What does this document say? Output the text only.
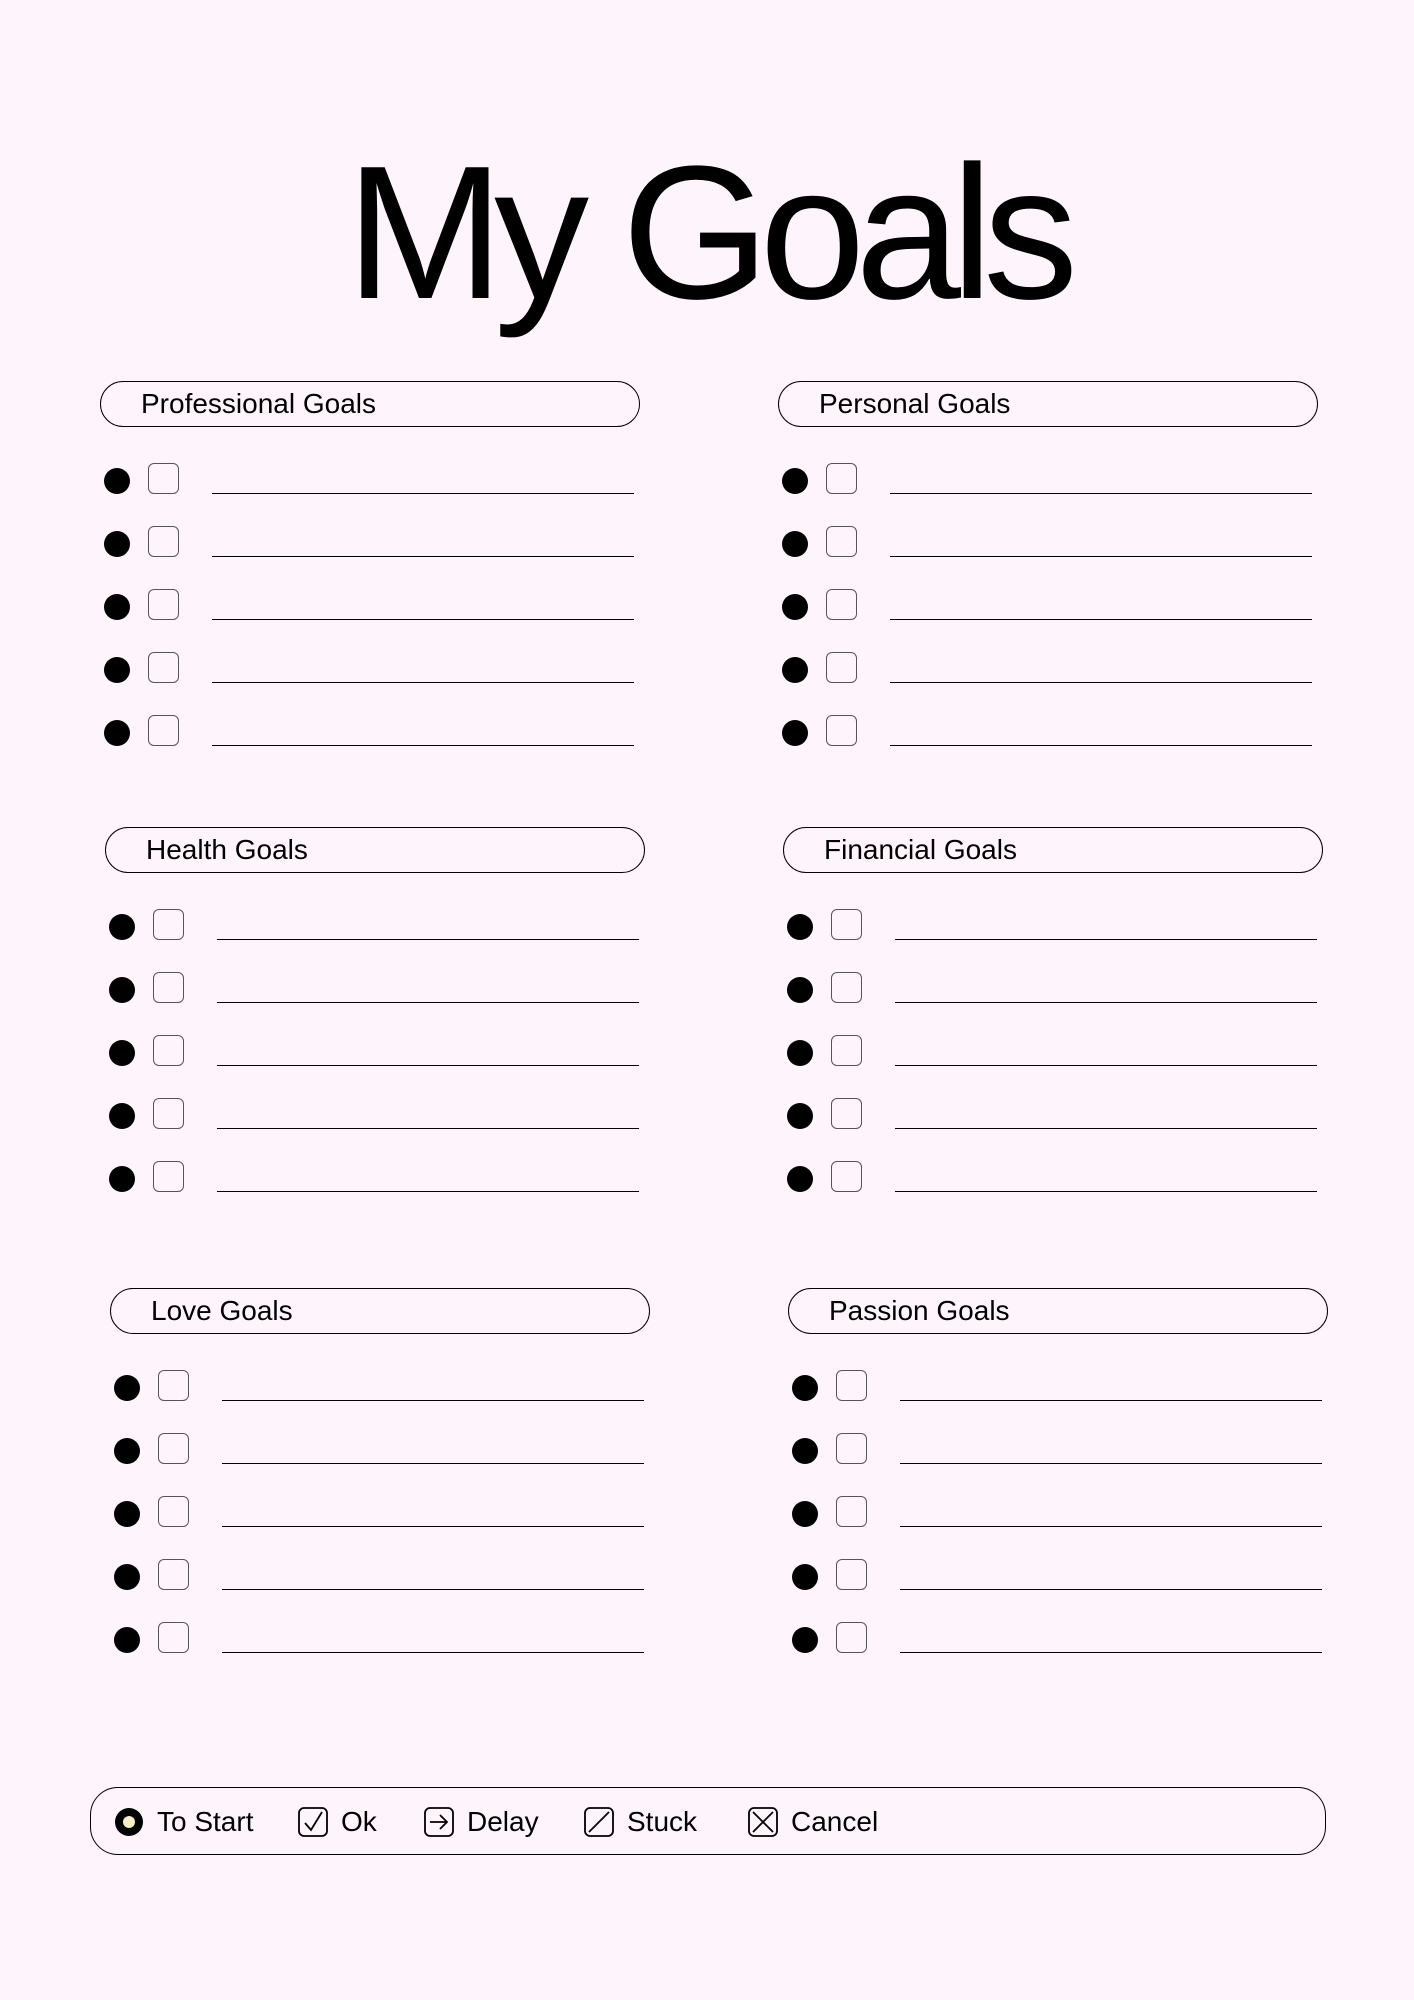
My Goals
Professional Goals	Personal Goals
Health Goals	Financial Goals
Love Goals	Passion Goals
To Start	Ok	Delay	Stuck	Cancel
